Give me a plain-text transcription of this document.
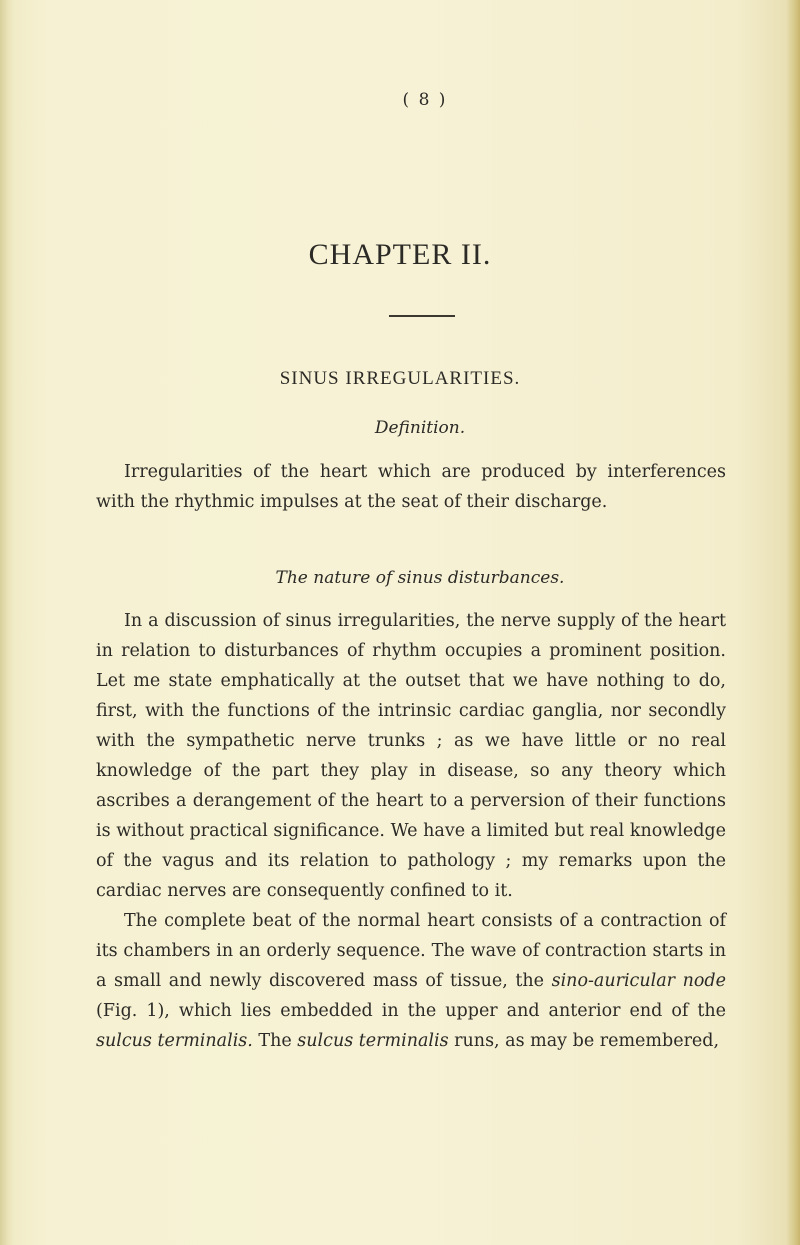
( 8 )
CHAPTER II.
SINUS IRREGULARITIES.
Definition.

Irregularities of the heart which are produced by interferences with the rhythmic impulses at the seat of their discharge.

The nature of sinus disturbances.

In a discussion of sinus irregularities, the nerve supply of the heart in relation to disturbances of rhythm occupies a prominent position. Let me state emphatically at the outset that we have nothing to do, first, with the functions of the intrinsic cardiac ganglia, nor secondly with the sympathetic nerve trunks ; as we have little or no real knowledge of the part they play in disease, so any theory which ascribes a derangement of the heart to a perversion of their functions is without practical significance. We have a limited but real knowledge of the vagus and its relation to pathology ; my remarks upon the cardiac nerves are consequently confined to it.

The complete beat of the normal heart consists of a contraction of its chambers in an orderly sequence. The wave of contraction starts in a small and newly discovered mass of tissue, the sino-auricular node (Fig. 1), which lies embedded in the upper and anterior end of the sulcus terminalis. The sulcus terminalis runs, as may be remembered,
